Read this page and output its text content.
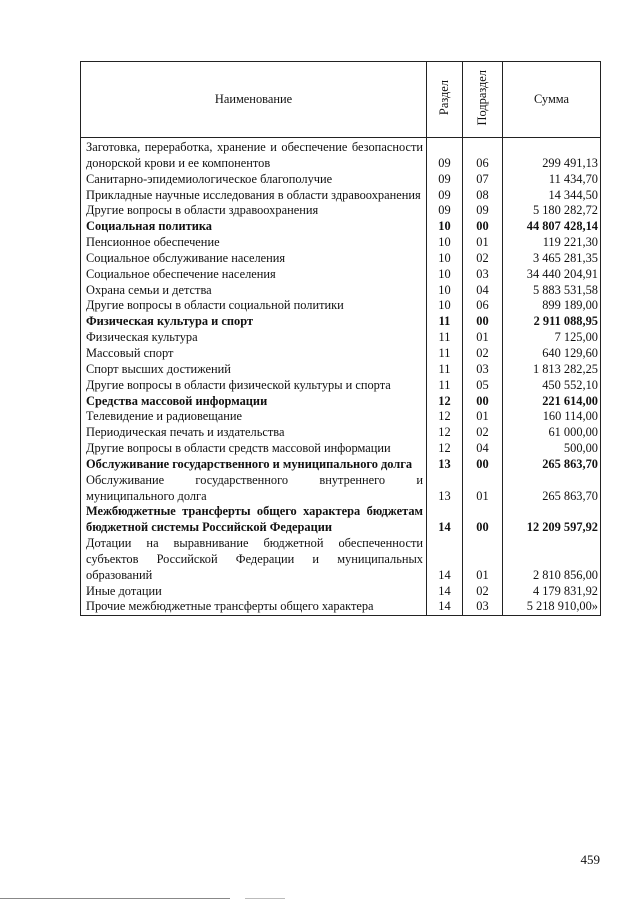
Наименование	Раздел	Подраздел	Сумма
Заготовка, переработка, хранение и обеспечение безопасности донорской крови и ее компонентов	09	06	299 491,13
Санитарно-эпидемиологическое благополучие	09	07	11 434,70
Прикладные научные исследования в области здравоохранения	09	08	14 344,50
Другие вопросы в области здравоохранения	09	09	5 180 282,72
Социальная политика	10	00	44 807 428,14
Пенсионное обеспечение	10	01	119 221,30
Социальное обслуживание населения	10	02	3 465 281,35
Социальное обеспечение населения	10	03	34 440 204,91
Охрана семьи и детства	10	04	5 883 531,58
Другие вопросы в области социальной политики	10	06	899 189,00
Физическая культура и спорт	11	00	2 911 088,95
Физическая культура	11	01	7 125,00
Массовый спорт	11	02	640 129,60
Спорт высших достижений	11	03	1 813 282,25
Другие вопросы в области физической культуры и спорта	11	05	450 552,10
Средства массовой информации	12	00	221 614,00
Телевидение и радиовещание	12	01	160 114,00
Периодическая печать и издательства	12	02	61 000,00
Другие вопросы в области средств массовой информации	12	04	500,00
Обслуживание государственного и муниципального долга	13	00	265 863,70
Обслуживание государственного внутреннего и муниципального долга	13	01	265 863,70
Межбюджетные трансферты общего характера бюджетам бюджетной системы Российской Федерации	14	00	12 209 597,92
Дотации на выравнивание бюджетной обеспеченности субъектов Российской Федерации и муниципальных образований	14	01	2 810 856,00
Иные дотации	14	02	4 179 831,92
Прочие межбюджетные трансферты общего характера	14	03	5 218 910,00»
459
